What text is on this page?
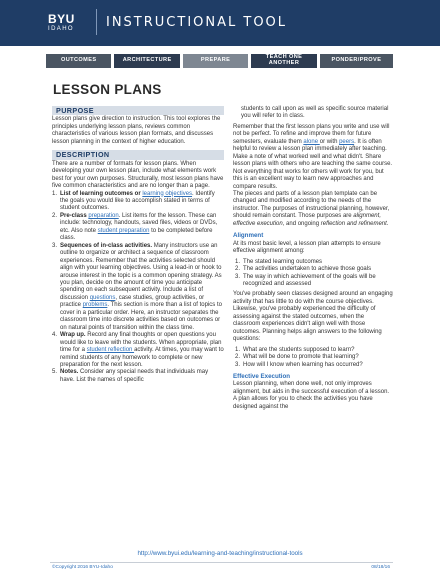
BYU
IDAHO INSTRUCTIONAL TOOL
OUTCOMES	ARCHITECTURE	PREPARE	TEACH ONE ANOTHER	PONDER/PROVE
LESSON PLANS
PURPOSE

Lesson plans give direction to instruction. This tool explores the principles underlying lesson plans, reviews common characteristics of various lesson plan formats, and discusses lesson planning in the context of higher education.

DESCRIPTION

There are a number of formats for lesson plans. When developing your own lesson plan, include what elements work best for your own purposes. Structurally, most lesson plans have five common characteristics and are no longer than a page.

1. List of learning outcomes or learning objectives. Identify the goals you would like to accomplish stated in terms of student outcomes.
2. Pre-class preparation. List items for the lesson. These can include: technology, handouts, saved files, videos or DVDs, etc. Also note student preparation to be completed before class.
3. Sequences of in-class activities. Many instructors use an outline to organize or architect a sequence of classroom experiences. Remember that the activities selected should align with your learning objectives. Using a lead-in or hook to arouse interest in the topic is a common opening strategy. As you plan, decide on the amount of time you anticipate spending on each subsequent activity. Include a list of discussion questions, case studies, group activities, or practice problems. This section is more than a list of topics to cover in a particular order. Here, an instructor separates the classroom time into discrete activities based on outcomes or on natural points of transition within the class time.
4. Wrap up. Record any final thoughts or open questions you would like to leave with the students. When appropriate, plan time for a student reflection activity. At times, you may want to remind students of any homework to complete or new preparation for the next lesson.
5. Notes. Consider any special needs that individuals may have. List the names of specific

students to call upon as well as specific source material you will refer to in class.

Remember that the first lesson plans you write and use will not be perfect. To refine and improve them for future semesters, evaluate them alone or with peers. It is often helpful to review a lesson plan immediately after teaching. Make a note of what worked well and what didn't. Share lesson plans with others who are teaching the same course. Not everything that works for others will work for you, but this is an excellent way to learn new approaches and compare results.

The pieces and parts of a lesson plan template can be changed and modified according to the needs of the instructor. The purposes of instructional planning, however, should remain constant. Those purposes are alignment, effective execution, and ongoing reflection and refinement.

Alignment

At its most basic level, a lesson plan attempts to ensure effective alignment among:

1. The stated learning outcomes
2. The activities undertaken to achieve those goals
3. The way in which achievement of the goals will be recognized and assessed

You've probably seen classes designed around an engaging activity that has little to do with the course objectives. Likewise, you've probably experienced the difficulty of assessing against the stated outcomes, when the classroom experiences didn't align well with those outcomes. Planning helps align answers to the following questions:

1. What are the students supposed to learn?
2. What will be done to promote that learning?
3. How will I know when learning has occurred?
Effective Execution

Lesson planning, when done well, not only improves alignment, but aids in the successful execution of a lesson. A plan allows for you to check the activities you have designed against the

http://www.byui.edu/learning-and-teaching/instructional-tools
©Copyright 2016 BYU-Idaho	08/18/16
